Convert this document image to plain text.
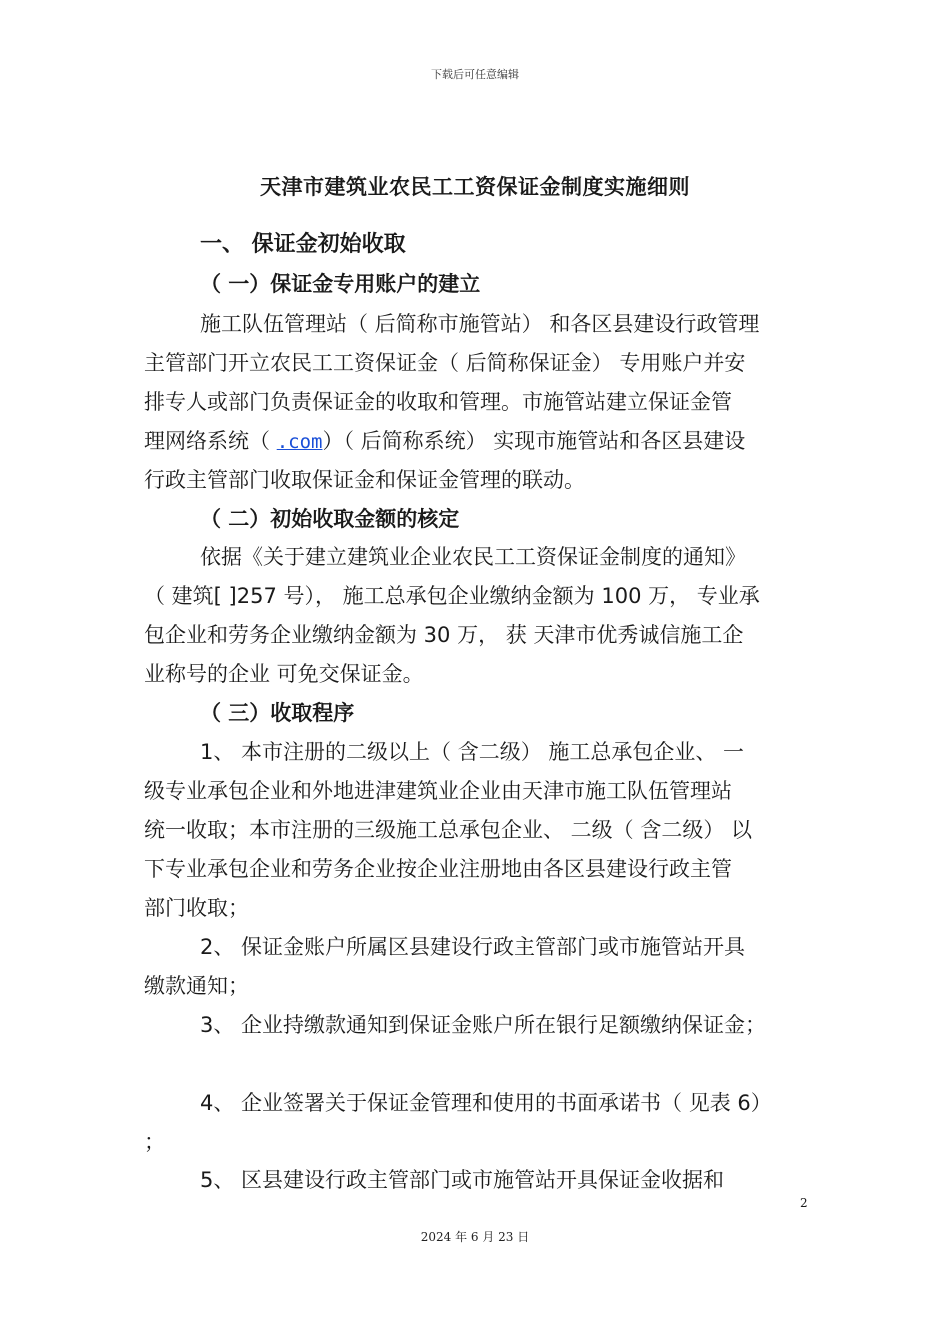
下载后可任意编辑
天津市建筑业农民工工资保证金制度实施细则
一、 保证金初始收取
（ 一）保证金专用账户的建立
施工队伍管理站（ 后简称市施管站） 和各区县建设行政管理
主管部门开立农民工工资保证金（ 后简称保证金） 专用账户并安
排专人或部门负责保证金的收取和管理。市施管站建立保证金管
理网络系统（ .com）（ 后简称系统） 实现市施管站和各区县建设
行政主管部门收取保证金和保证金管理的联动。
（ 二）初始收取金额的核定
依据《关于建立建筑业企业农民工工资保证金制度的通知》
（ 建筑[ ]257 号）， 施工总承包企业缴纳金额为 100 万， 专业承
包企业和劳务企业缴纳金额为 30 万， 获 天津市优秀诚信施工企
业称号的企业 可免交保证金。
（ 三）收取程序
1、 本市注册的二级以上（ 含二级） 施工总承包企业、 一
级专业承包企业和外地进津建筑业企业由天津市施工队伍管理站
统一收取；本市注册的三级施工总承包企业、 二级（ 含二级） 以
下专业承包企业和劳务企业按企业注册地由各区县建设行政主管
部门收取；
2、 保证金账户所属区县建设行政主管部门或市施管站开具
缴款通知；
3、 企业持缴款通知到保证金账户所在银行足额缴纳保证金；
4、 企业签署关于保证金管理和使用的书面承诺书（ 见表 6）
；
5、 区县建设行政主管部门或市施管站开具保证金收据和
2
2024 年 6 月 23 日
